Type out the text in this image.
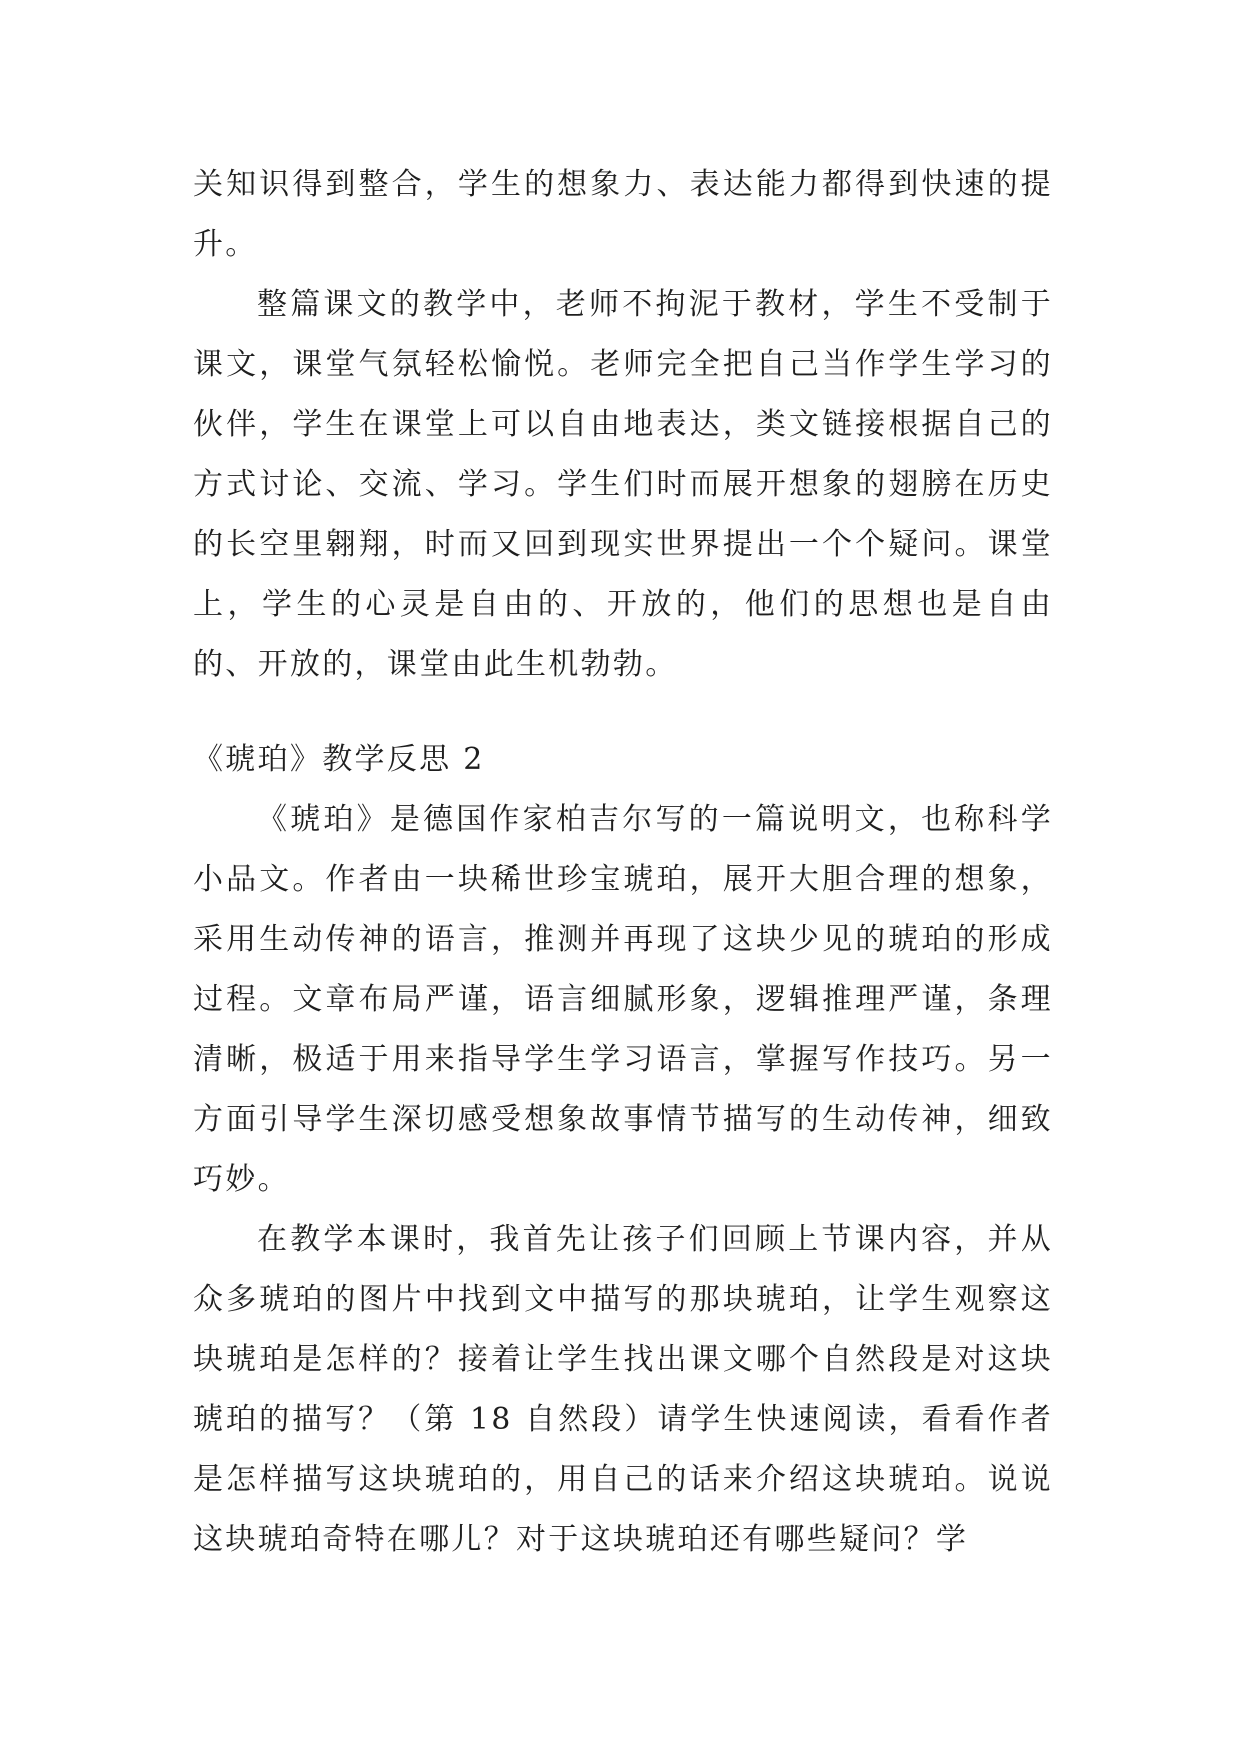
关知识得到整合，学生的想象力、表达能力都得到快速的提升。

整篇课文的教学中，老师不拘泥于教材，学生不受制于课文，课堂气氛轻松愉悦。老师完全把自己当作学生学习的伙伴，学生在课堂上可以自由地表达，类文链接根据自己的方式讨论、交流、学习。学生们时而展开想象的翅膀在历史的长空里翱翔，时而又回到现实世界提出一个个疑问。课堂上，学生的心灵是自由的、开放的，他们的思想也是自由的、开放的，课堂由此生机勃勃。

《琥珀》教学反思 2

《琥珀》是德国作家柏吉尔写的一篇说明文，也称科学小品文。作者由一块稀世珍宝琥珀，展开大胆合理的想象，采用生动传神的语言，推测并再现了这块少见的琥珀的形成过程。文章布局严谨，语言细腻形象，逻辑推理严谨，条理清晰，极适于用来指导学生学习语言，掌握写作技巧。另一方面引导学生深切感受想象故事情节描写的生动传神，细致巧妙。

在教学本课时，我首先让孩子们回顾上节课内容，并从众多琥珀的图片中找到文中描写的那块琥珀，让学生观察这块琥珀是怎样的？接着让学生找出课文哪个自然段是对这块琥珀的描写？（第 18 自然段）请学生快速阅读，看看作者是怎样描写这块琥珀的，用自己的话来介绍这块琥珀。说说这块琥珀奇特在哪儿？对于这块琥珀还有哪些疑问？学
